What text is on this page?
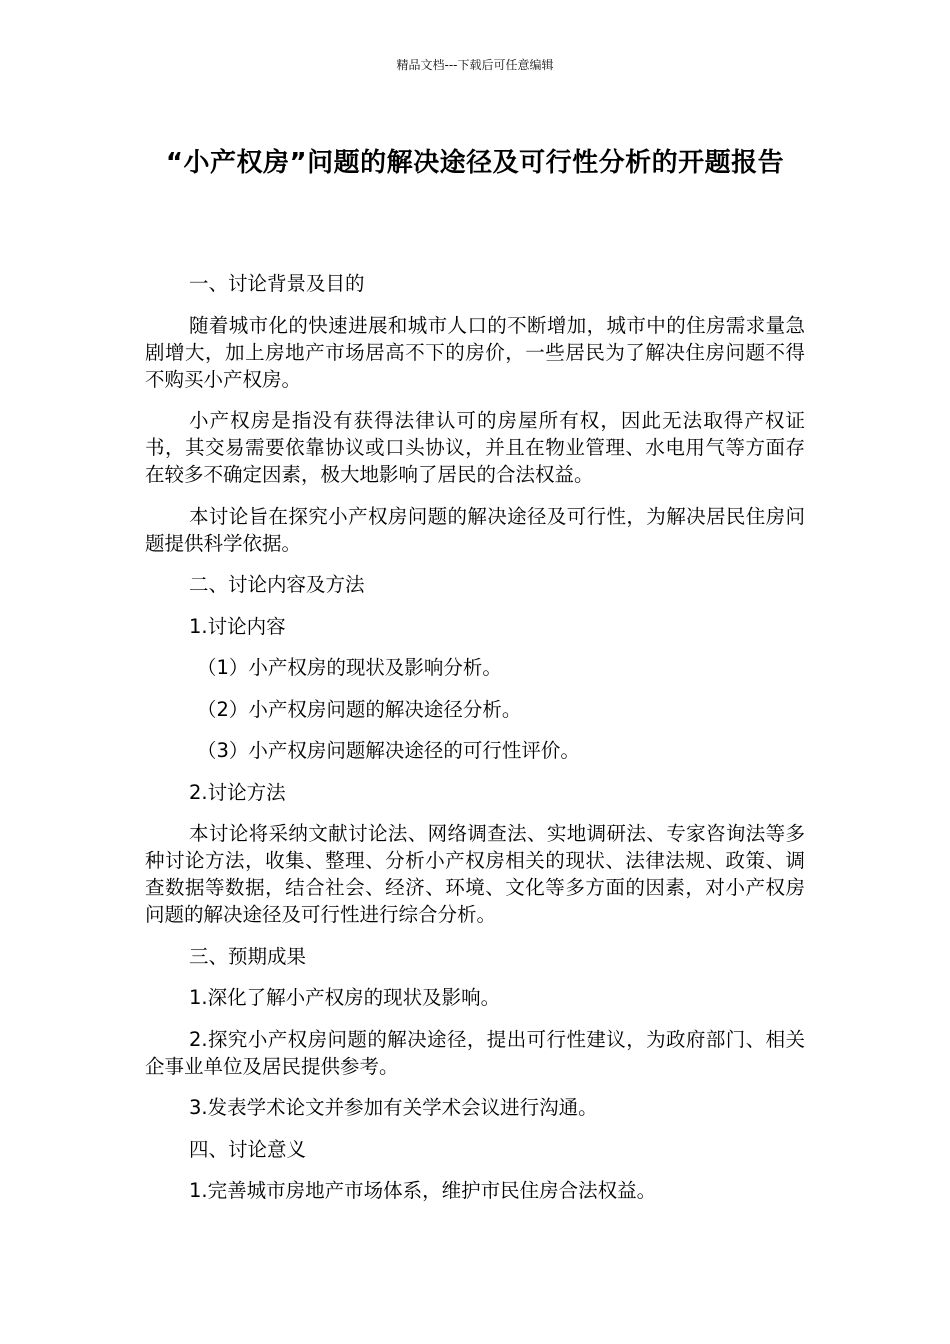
精品文档---下载后可任意编辑
“小产权房”问题的解决途径及可行性分析的开题报告

一、讨论背景及目的

随着城市化的快速进展和城市人口的不断增加，城市中的住房需求量急剧增大，加上房地产市场居高不下的房价，一些居民为了解决住房问题不得不购买小产权房。

小产权房是指没有获得法律认可的房屋所有权，因此无法取得产权证书，其交易需要依靠协议或口头协议，并且在物业管理、水电用气等方面存在较多不确定因素，极大地影响了居民的合法权益。

本讨论旨在探究小产权房问题的解决途径及可行性，为解决居民住房问题提供科学依据。

二、讨论内容及方法

1.讨论内容

（1）小产权房的现状及影响分析。

（2）小产权房问题的解决途径分析。

（3）小产权房问题解决途径的可行性评价。

2.讨论方法

本讨论将采纳文献讨论法、网络调查法、实地调研法、专家咨询法等多种讨论方法，收集、整理、分析小产权房相关的现状、法律法规、政策、调查数据等数据，结合社会、经济、环境、文化等多方面的因素，对小产权房问题的解决途径及可行性进行综合分析。

三、预期成果

1.深化了解小产权房的现状及影响。

2.探究小产权房问题的解决途径，提出可行性建议，为政府部门、相关企事业单位及居民提供参考。

3.发表学术论文并参加有关学术会议进行沟通。

四、讨论意义

1.完善城市房地产市场体系，维护市民住房合法权益。
